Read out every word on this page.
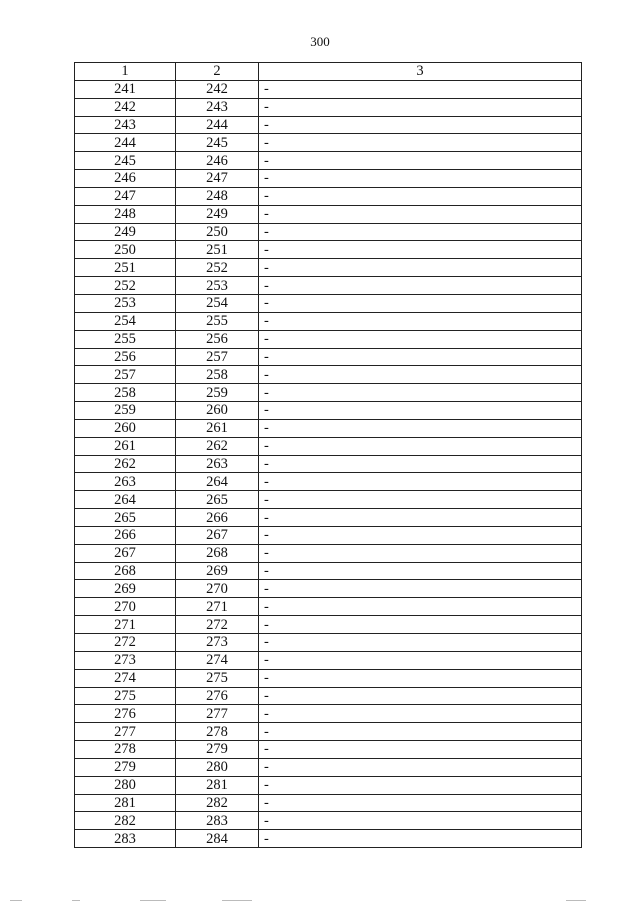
300
1	2	3
241	242	-
242	243	-
243	244	-
244	245	-
245	246	-
246	247	-
247	248	-
248	249	-
249	250	-
250	251	-
251	252	-
252	253	-
253	254	-
254	255	-
255	256	-
256	257	-
257	258	-
258	259	-
259	260	-
260	261	-
261	262	-
262	263	-
263	264	-
264	265	-
265	266	-
266	267	-
267	268	-
268	269	-
269	270	-
270	271	-
271	272	-
272	273	-
273	274	-
274	275	-
275	276	-
276	277	-
277	278	-
278	279	-
279	280	-
280	281	-
281	282	-
282	283	-
283	284	-
